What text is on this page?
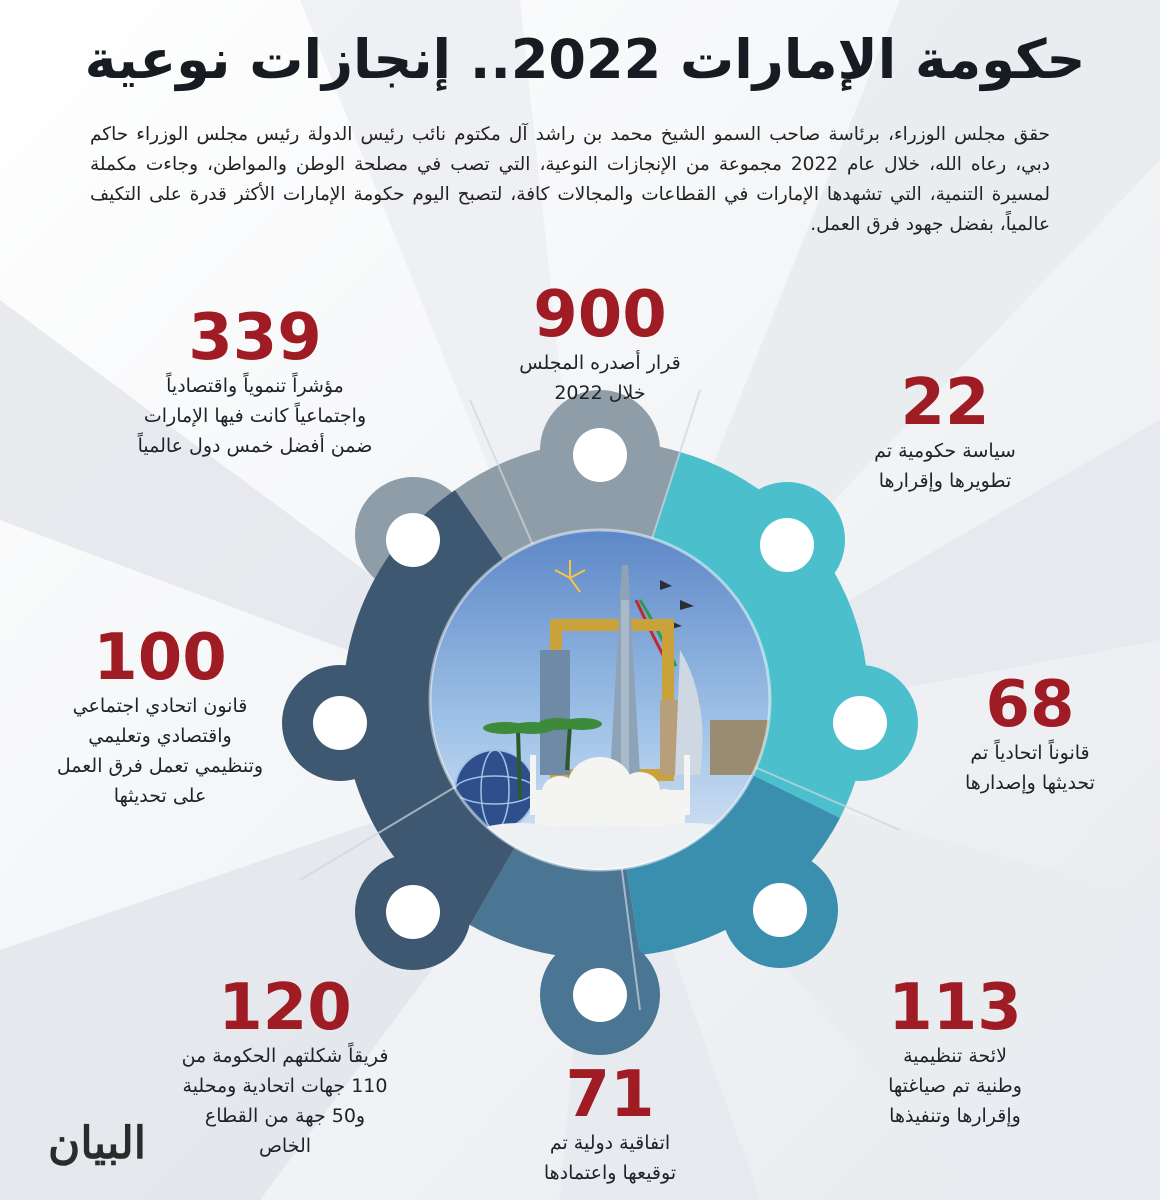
حكومة الإمارات 2022.. إنجازات نوعية
حقق مجلس الوزراء، برئاسة صاحب السمو الشيخ محمد بن راشد آل مكتوم نائب رئيس الدولة رئيس مجلس الوزراء حاكم دبي، رعاه الله، خلال عام 2022 مجموعة من الإنجازات النوعية، التي تصب في مصلحة الوطن والمواطن، وجاءت مكملة لمسيرة التنمية، التي تشهدها الإمارات في القطاعات والمجالات كافة، لتصبح اليوم حكومة الإمارات الأكثر قدرة على التكيف عالمياً، بفضل جهود فرق العمل.
900
قرار أصدره المجلس
خلال 2022
339
مؤشراً تنموياً واقتصادياً
واجتماعياً كانت فيها الإمارات
ضمن أفضل خمس دول عالمياً
22
سياسة حكومية تم
تطويرها وإقرارها
100
قانون اتحادي اجتماعي
واقتصادي وتعليمي
وتنظيمي تعمل فرق العمل
على تحديثها
68
قانوناً اتحادياً تم
تحديثها وإصدارها
120
فريقاً شكلتهم الحكومة من
110 جهات اتحادية ومحلية
و50 جهة من القطاع
الخاص
113
لائحة تنظيمية
وطنية تم صياغتها
وإقرارها وتنفيذها
71
اتفاقية دولية تم
توقيعها واعتمادها
البيان
